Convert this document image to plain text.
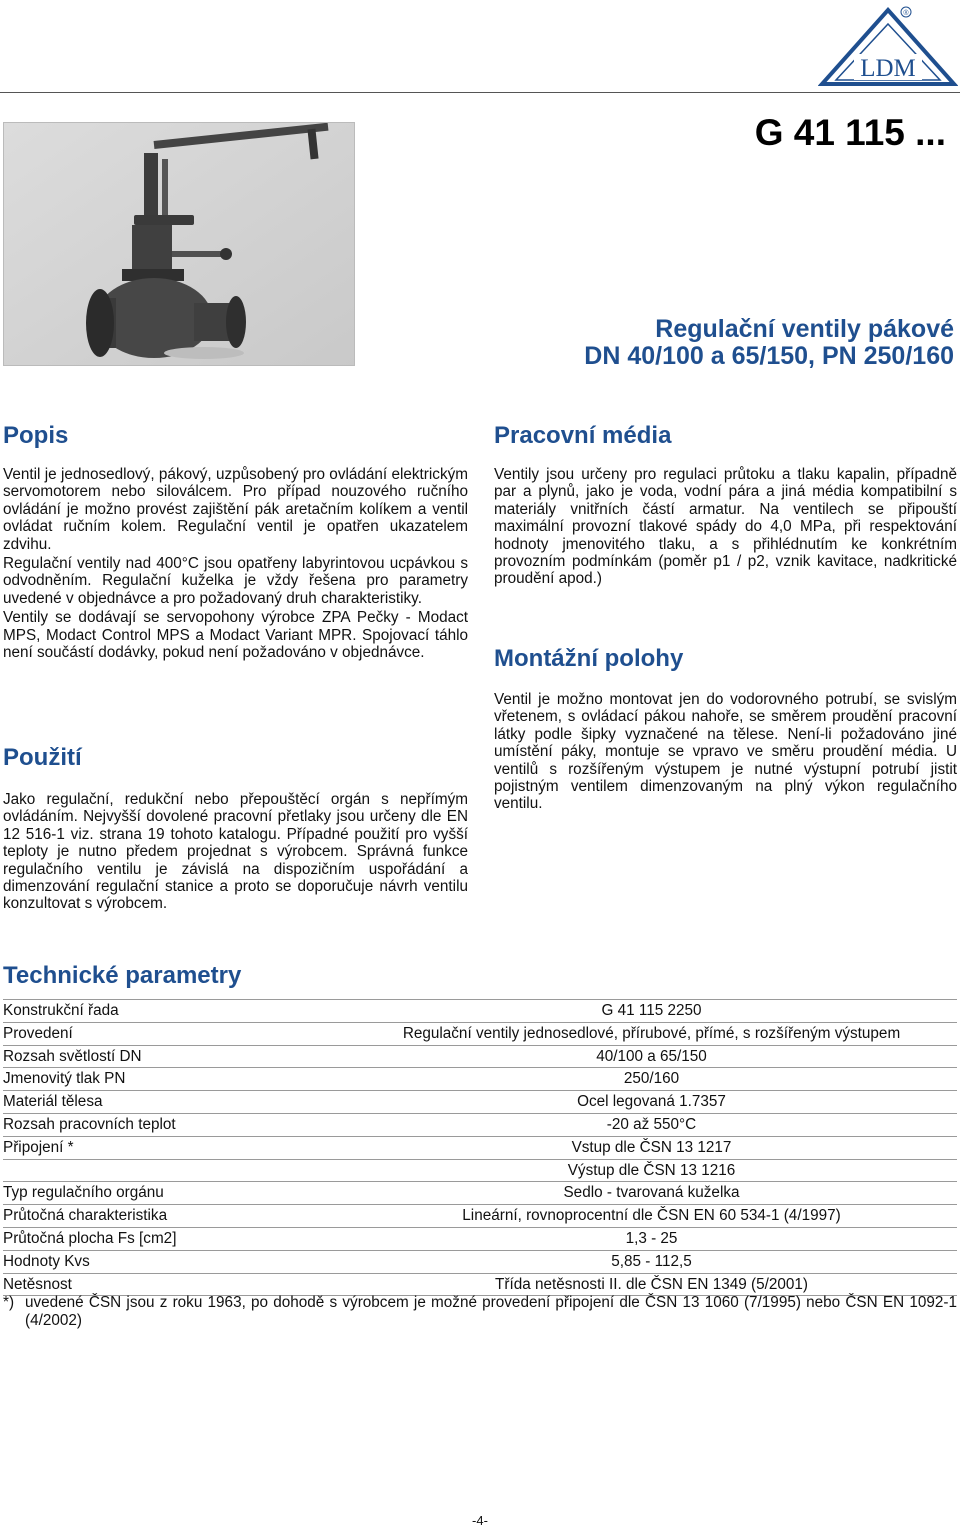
LDM
®
G 41 115 ...
Regulační ventily pákové
DN 40/100 a 65/150, PN 250/160
Popis

Ventil je jednosedlový, pákový, uzpůsobený pro ovládání elektrickým servomotorem nebo siloválcem. Pro případ nouzového ručního ovládání je možno provést zajištění pák aretačním kolíkem a ventil ovládat ručním kolem. Regulační ventil je opatřen ukazatelem zdvihu.

Regulační ventily nad 400°C jsou opatřeny labyrintovou ucpávkou s odvodněním. Regulační kuželka je vždy řešena pro parametry uvedené v objednávce a pro požadovaný druh charakteristiky.

Ventily se dodávají se servopohony výrobce ZPA Pečky - Modact MPS, Modact Control MPS a Modact Variant MPR. Spojovací táhlo není součástí dodávky, pokud není požadováno v objednávce.

Použití

Jako regulační, redukční nebo přepouštěcí orgán s nepřímým ovládáním. Nejvyšší dovolené pracovní přetlaky jsou určeny dle EN 12 516-1 viz. strana 19 tohoto katalogu. Případné použití pro vyšší teploty je nutno předem projednat s výrobcem. Správná funkce regulačního ventilu je závislá na dispozičním uspořádání a dimenzování regulační stanice a proto se doporučuje návrh ventilu konzultovat s výrobcem.

Pracovní média

Ventily jsou určeny pro regulaci průtoku a tlaku kapalin, případně par a plynů, jako je voda, vodní pára a jiná média kompatibilní s materiály vnitřních částí armatur. Na ventilech se připouští maximální provozní tlakové spády do 4,0 MPa, při respektování hodnoty jmenovitého tlaku, a s přihlédnutím ke konkrétním provozním podmínkám (poměr p1 / p2, vznik kavitace, nadkritické proudění apod.)

Montážní polohy

Ventil je možno montovat jen do vodorovného potrubí, se svislým vřetenem, s ovládací pákou nahoře, se směrem proudění pracovní látky podle šipky vyznačené na tělese. Není-li požadováno jiné umístění páky, montuje se vpravo ve směru proudění média. U ventilů s rozšířeným výstupem je nutné výstupní potrubí jistit pojistným ventilem dimenzovaným na plný výkon regulačního ventilu.

Technické parametry
Konstrukční řada	G 41 115 2250
Provedení	Regulační ventily jednosedlové, přírubové, přímé, s rozšířeným výstupem
Rozsah světlostí DN	40/100 a 65/150
Jmenovitý tlak PN	250/160
Materiál tělesa	Ocel legovaná 1.7357
Rozsah pracovních teplot	-20 až 550°C
Připojení *	Vstup dle ČSN 13 1217
	Výstup dle ČSN 13 1216
Typ regulačního orgánu	Sedlo - tvarovaná kuželka
Průtočná charakteristika	Lineární, rovnoprocentní dle ČSN EN 60 534-1 (4/1997)
Průtočná plocha Fs [cm2]	1,3 - 25
Hodnoty Kvs	5,85 - 112,5
Netěsnost	Třída netěsnosti II. dle ČSN EN 1349 (5/2001)
*) uvedené ČSN jsou z roku 1963, po dohodě s výrobcem je možné provedení připojení dle ČSN 13 1060 (7/1995) nebo ČSN EN 1092-1 (4/2002)
-4-
